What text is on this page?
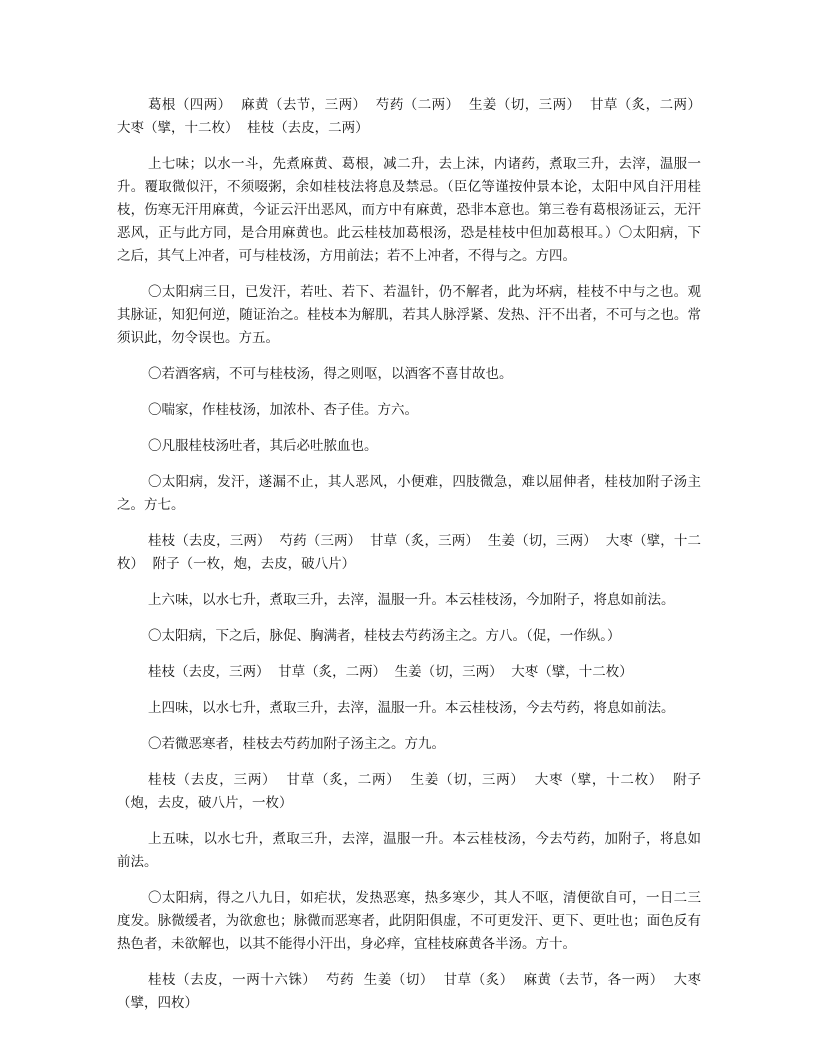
葛根（四两）  麻黄（去节，三两）  芍药（二两）  生姜（切，三两）  甘草（炙，二两）  大枣（擘，十二枚）  桂枝（去皮，二两）

上七味；以水一斗，先煮麻黄、葛根，减二升，去上沫，内诸药，煮取三升，去滓，温服一升。覆取微似汗，不须啜粥，余如桂枝法将息及禁忌。（臣亿等谨按仲景本论，太阳中风自汗用桂枝，伤寒无汗用麻黄，今证云汗出恶风，而方中有麻黄，恐非本意也。第三卷有葛根汤证云，无汗恶风，正与此方同，是合用麻黄也。此云桂枝加葛根汤，恐是桂枝中但加葛根耳。）〇太阳病，下之后，其气上冲者，可与桂枝汤，方用前法；若不上冲者，不得与之。方四。

〇太阳病三日，已发汗，若吐、若下、若温针，仍不解者，此为坏病，桂枝不中与之也。观其脉证，知犯何逆，随证治之。桂枝本为解肌，若其人脉浮紧、发热、汗不出者，不可与之也。常须识此，勿令误也。方五。

〇若酒客病，不可与桂枝汤，得之则呕，以酒客不喜甘故也。

〇喘家，作桂枝汤，加浓朴、杏子佳。方六。

〇凡服桂枝汤吐者，其后必吐脓血也。

〇太阳病，发汗，遂漏不止，其人恶风，小便难，四肢微急，难以屈伸者，桂枝加附子汤主之。方七。

桂枝（去皮，三两）  芍药（三两）  甘草（炙，三两）  生姜（切，三两）  大枣（擘，十二枚）  附子（一枚，炮，去皮，破八片）

上六味，以水七升，煮取三升，去滓，温服一升。本云桂枝汤，今加附子，将息如前法。

〇太阳病，下之后，脉促、胸满者，桂枝去芍药汤主之。方八。（促，一作纵。）

桂枝（去皮，三两）  甘草（炙，二两）  生姜（切，三两）  大枣（擘，十二枚）

上四味，以水七升，煮取三升，去滓，温服一升。本云桂枝汤，今去芍药，将息如前法。

〇若微恶寒者，桂枝去芍药加附子汤主之。方九。

桂枝（去皮，三两）  甘草（炙，二两）  生姜（切，三两）  大枣（擘，十二枚）  附子（炮，去皮，破八片，一枚）

上五味，以水七升，煮取三升，去滓，温服一升。本云桂枝汤，今去芍药，加附子，将息如前法。

〇太阳病，得之八九日，如疟状，发热恶寒，热多寒少，其人不呕，清便欲自可，一日二三度发。脉微缓者，为欲愈也；脉微而恶寒者，此阴阳俱虚，不可更发汗、更下、更吐也；面色反有热色者，未欲解也，以其不能得小汗出，身必痒，宜桂枝麻黄各半汤。方十。

桂枝（去皮，一两十六铢）  芍药  生姜（切）  甘草（炙）  麻黄（去节，各一两）  大枣（擘，四枚）
